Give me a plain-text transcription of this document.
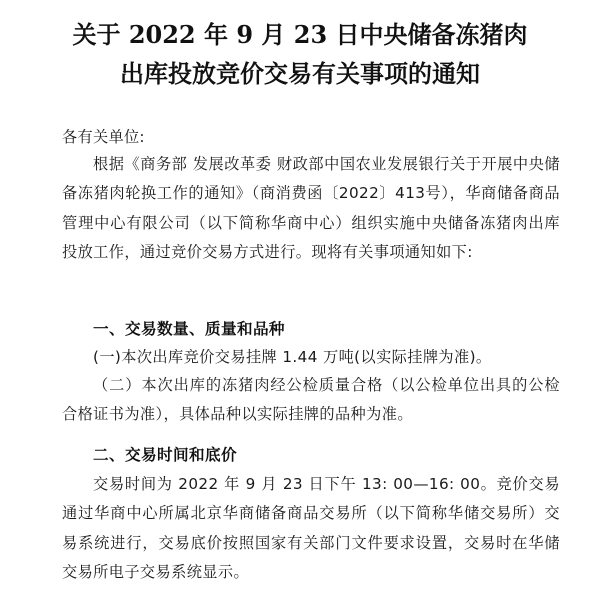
关于 2022 年 9 月 23 日中央储备冻猪肉
出库投放竞价交易有关事项的通知
各有关单位:
根据《商务部 发展改革委 财政部中国农业发展银行关于开展中央储备冻猪肉轮换工作的通知》（商消费函〔2022〕413号），华商储备商品管理中心有限公司（以下简称华商中心）组织实施中央储备冻猪肉出库投放工作，通过竞价交易方式进行。现将有关事项通知如下:
一、交易数量、质量和品种
(一)本次出库竞价交易挂牌 1.44 万吨(以实际挂牌为准)。
（二）本次出库的冻猪肉经公检质量合格（以公检单位出具的公检合格证书为准），具体品种以实际挂牌的品种为准。
二、交易时间和底价
交易时间为 2022 年 9 月 23 日下午 13: 00—16: 00。竞价交易通过华商中心所属北京华商储备商品交易所（以下简称华储交易所）交易系统进行，交易底价按照国家有关部门文件要求设置，交易时在华储交易所电子交易系统显示。
